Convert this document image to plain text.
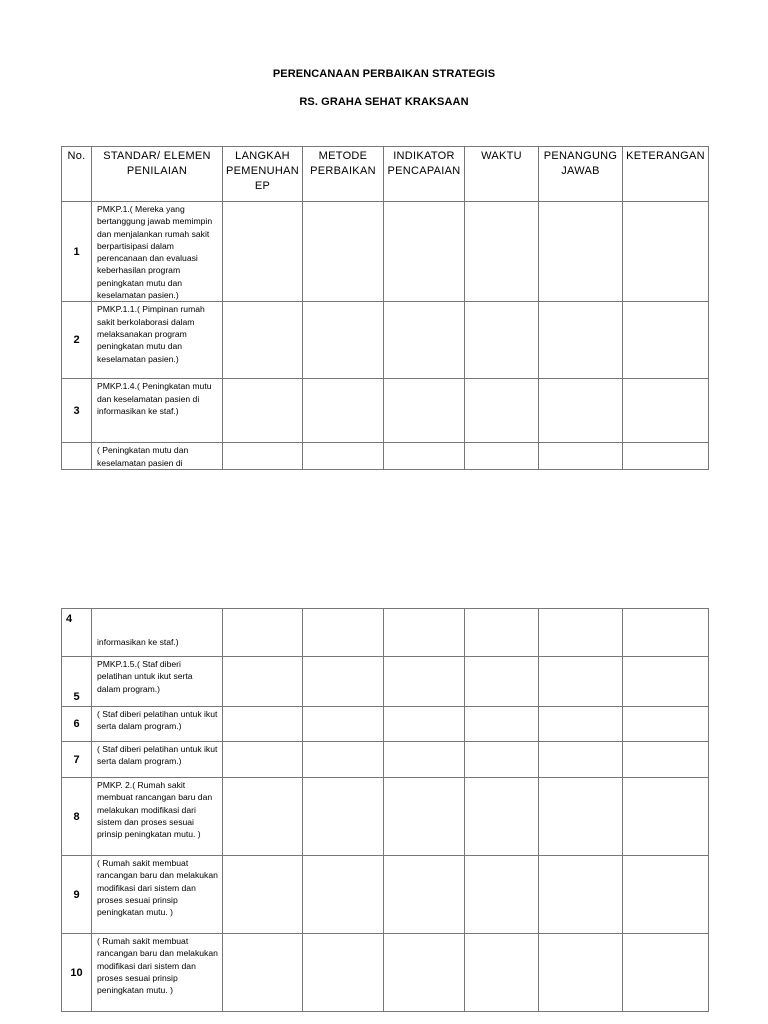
PERENCANAAN PERBAIKAN STRATEGIS
RS. GRAHA SEHAT KRAKSAAN
No.	STANDAR/ ELEMEN PENILAIAN	LANGKAH PEMENUHAN EP	METODE PERBAIKAN	INDIKATOR PENCAPAIAN	WAKTU	PENANGUNG JAWAB	KETERANGAN
1	PMKP.1.( Mereka yang bertanggung jawab memimpin dan menjalankan rumah sakit berpartisipasi dalam perencanaan dan evaluasi keberhasilan program peningkatan mutu dan keselamatan pasien.)						
2	PMKP.1.1.( Pimpinan rumah sakit berkolaborasi dalam melaksanakan program peningkatan mutu dan keselamatan pasien.)						
3	PMKP.1.4.( Peningkatan mutu dan keselamatan pasien di informasikan ke staf.)						
	( Peningkatan mutu dan keselamatan pasien di						
4	informasikan ke staf.)						
5	PMKP.1.5.( Staf diberi pelatihan untuk ikut serta dalam program.)						
6	( Staf diberi pelatihan untuk ikut serta dalam program.)						
7	( Staf diberi pelatihan untuk ikut serta dalam program.)						
8	PMKP. 2.( Rumah sakit membuat rancangan baru dan melakukan modifikasi dari sistem dan proses sesuai prinsip peningkatan mutu. )						
9	( Rumah sakit membuat rancangan baru dan melakukan modifikasi dari sistem dan proses sesuai prinsip peningkatan mutu. )						
10	( Rumah sakit membuat rancangan baru dan melakukan modifikasi dari sistem dan proses sesuai prinsip peningkatan mutu. )						
